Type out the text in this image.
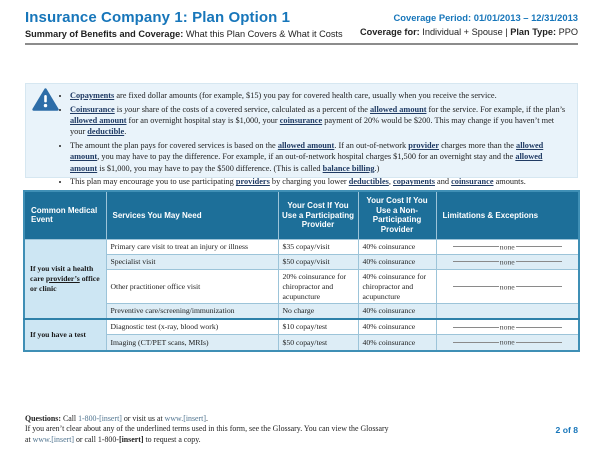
Insurance Company 1: Plan Option 1
Summary of Benefits and Coverage: What this Plan Covers & What it Costs
Coverage Period: 01/01/2013 – 12/31/2013
Coverage for: Individual + Spouse | Plan Type: PPO
• Copayments are fixed dollar amounts (for example, $15) you pay for covered health care, usually when you receive the service.
• Coinsurance is your share of the costs of a covered service, calculated as a percent of the allowed amount for the service. For example, if the plan’s allowed amount for an overnight hospital stay is $1,000, your coinsurance payment of 20% would be $200. This may change if you haven’t met your deductible.
• The amount the plan pays for covered services is based on the allowed amount. If an out-of-network provider charges more than the allowed amount, you may have to pay the difference. For example, if an out-of-network hospital charges $1,500 for an overnight stay and the allowed amount is $1,000, you may have to pay the $500 difference. (This is called balance billing.)
• This plan may encourage you to use participating providers by charging you lower deductibles, copayments and coinsurance amounts.
Common Medical Event	Services You May Need	Your Cost If You Use a Participating Provider	Your Cost If You Use a Non-Participating Provider	Limitations & Exceptions
If you visit a health care provider’s office or clinic	Primary care visit to treat an injury or illness	$35 copay/visit	40% coinsurance	none
	Specialist visit	$50 copay/visit	40% coinsurance	none
	Other practitioner office visit	20% coinsurance for chiropractor and acupuncture	40% coinsurance for chiropractor and acupuncture	none
	Preventive care/screening/immunization	No charge	40% coinsurance	
If you have a test	Diagnostic test (x-ray, blood work)	$10 copay/test	40% coinsurance	none
	Imaging (CT/PET scans, MRIs)	$50 copay/test	40% coinsurance	none
Questions: Call 1-800-[insert] or visit us at www.[insert].
If you aren’t clear about any of the underlined terms used in this form, see the Glossary. You can view the Glossary
at www.[insert] or call 1-800-[insert] to request a copy.
2 of 8
